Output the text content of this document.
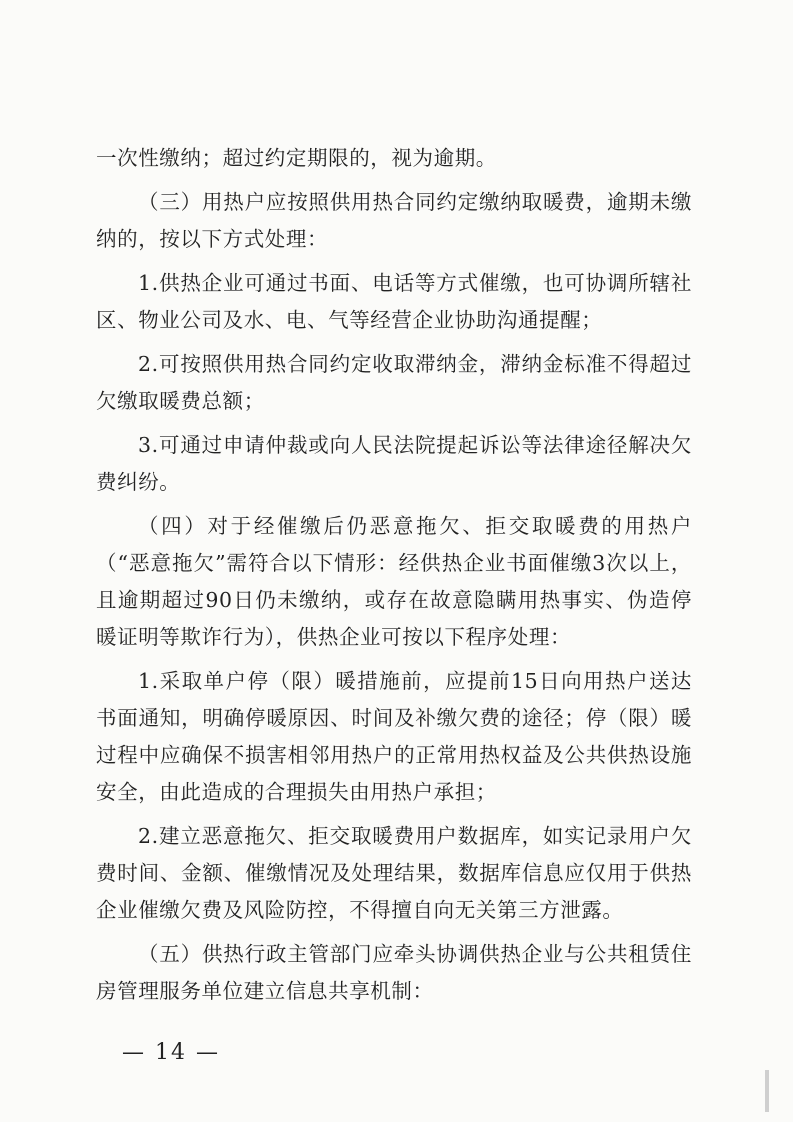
一次性缴纳；超过约定期限的，视为逾期。

（三）用热户应按照供用热合同约定缴纳取暖费，逾期未缴纳的，按以下方式处理：

1.供热企业可通过书面、电话等方式催缴，也可协调所辖社区、物业公司及水、电、气等经营企业协助沟通提醒；

2.可按照供用热合同约定收取滞纳金，滞纳金标准不得超过欠缴取暖费总额；

3.可通过申请仲裁或向人民法院提起诉讼等法律途径解决欠费纠纷。

（四）对于经催缴后仍恶意拖欠、拒交取暖费的用热户（“恶意拖欠”需符合以下情形：经供热企业书面催缴3次以上，且逾期超过90日仍未缴纳，或存在故意隐瞒用热事实、伪造停暖证明等欺诈行为），供热企业可按以下程序处理：

1.采取单户停（限）暖措施前，应提前15日向用热户送达书面通知，明确停暖原因、时间及补缴欠费的途径；停（限）暖过程中应确保不损害相邻用热户的正常用热权益及公共供热设施安全，由此造成的合理损失由用热户承担；

2.建立恶意拖欠、拒交取暖费用户数据库，如实记录用户欠费时间、金额、催缴情况及处理结果，数据库信息应仅用于供热企业催缴欠费及风险防控，不得擅自向无关第三方泄露。

（五）供热行政主管部门应牵头协调供热企业与公共租赁住房管理服务单位建立信息共享机制：

— 14 —
